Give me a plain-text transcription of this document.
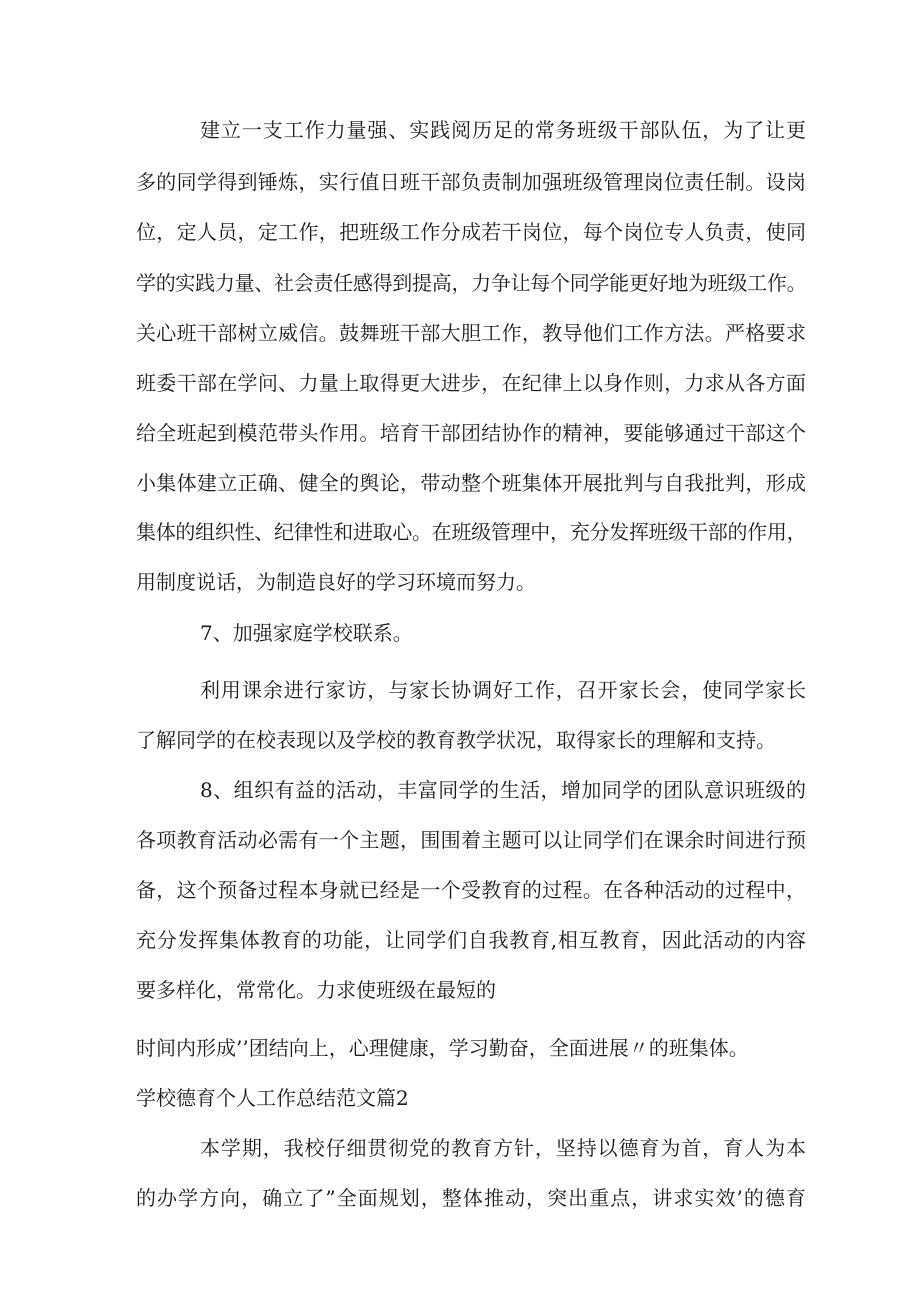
建立一支工作力量强、实践阅历足的常务班级干部队伍，为了让更
多的同学得到锤炼，实行值日班干部负责制加强班级管理岗位责任制。设岗
位，定人员，定工作，把班级工作分成若干岗位，每个岗位专人负责，使同
学的实践力量、社会责任感得到提高，力争让每个同学能更好地为班级工作。
关心班干部树立威信。鼓舞班干部大胆工作，教导他们工作方法。严格要求
班委干部在学问、力量上取得更大进步，在纪律上以身作则，力求从各方面
给全班起到模范带头作用。培育干部团结协作的精神，要能够通过干部这个
小集体建立正确、健全的舆论，带动整个班集体开展批判与自我批判，形成
集体的组织性、纪律性和进取心。在班级管理中，充分发挥班级干部的作用，
用制度说话，为制造良好的学习环境而努力。
7、加强家庭学校联系。
利用课余进行家访，与家长协调好工作，召开家长会，使同学家长
了解同学的在校表现以及学校的教育教学状况，取得家长的理解和支持。
8、组织有益的活动，丰富同学的生活，增加同学的团队意识班级的
各项教育活动必需有一个主题，围围着主题可以让同学们在课余时间进行预
备，这个预备过程本身就已经是一个受教育的过程。在各种活动的过程中，
充分发挥集体教育的功能，让同学们自我教育,相互教育，因此活动的内容
要多样化，常常化。力求使班级在最短的
时间内形成’’团结向上，心理健康，学习勤奋，全面进展〃的班集体。
学校德育个人工作总结范文篇2
本学期，我校仔细贯彻党的教育方针，坚持以德育为首，育人为本
的办学方向，确立了”全面规划，整体推动，突出重点，讲求实效’的德育
